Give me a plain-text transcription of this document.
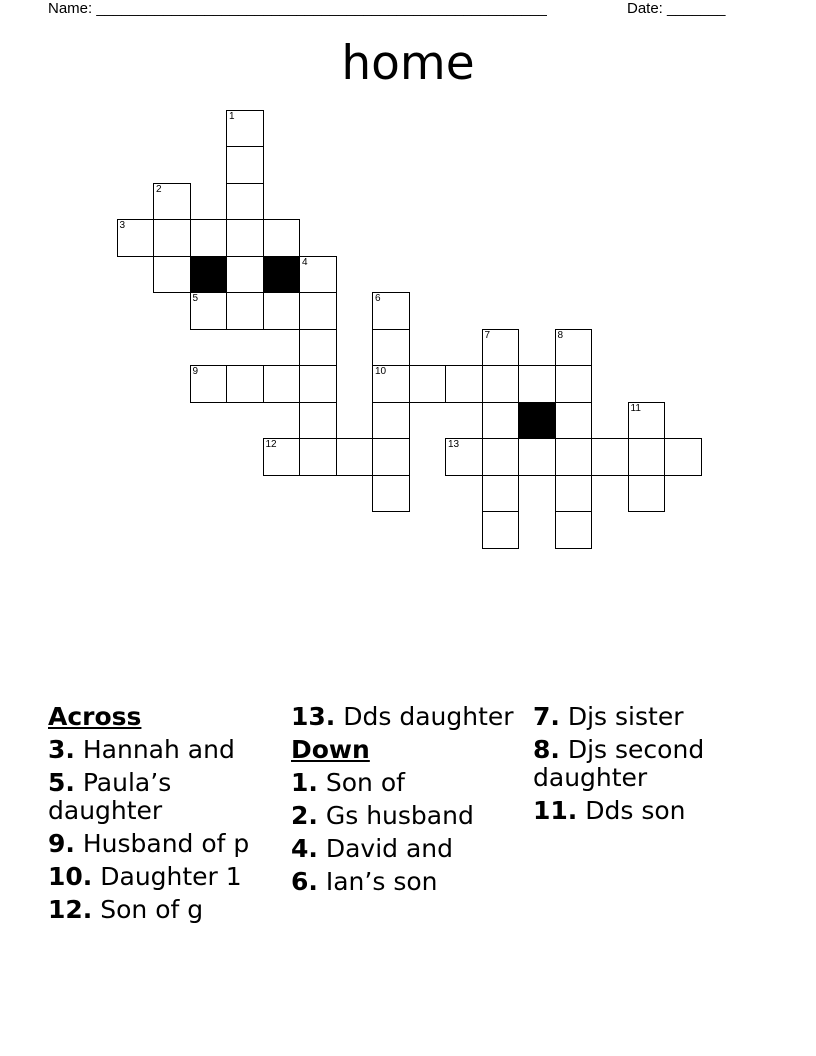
Name: ______________________________________________________	Date: _______
home
1
2
3
4
5	6
7	8
9	10
11
12	13
Across
3. Hannah and
5. Paula’s daughter
9. Husband of p
10. Daughter 1
12. Son of g
13. Dds daughter
Down
1. Son of
2. Gs husband
4. David and
6. Ian’s son
7. Djs sister
8. Djs second daughter
11. Dds son
